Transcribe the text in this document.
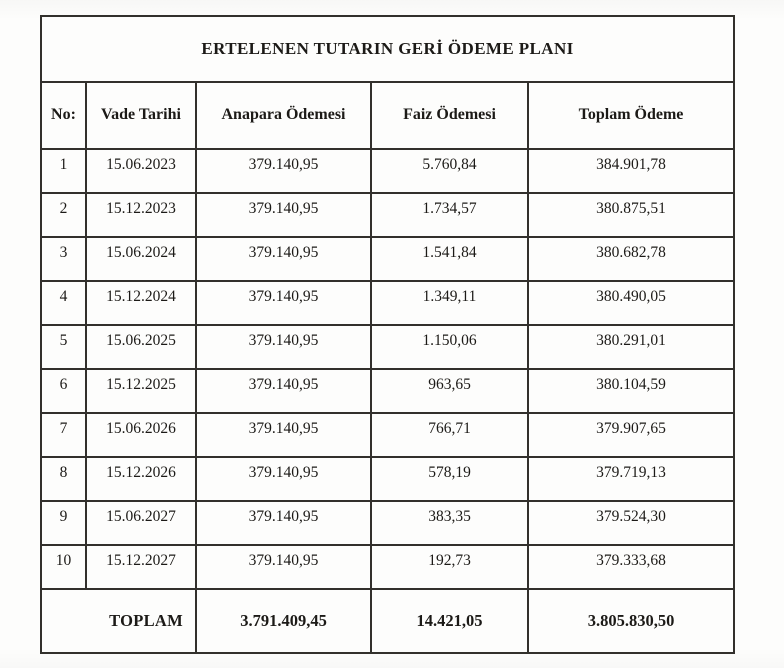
ERTELENEN TUTARIN GERİ ÖDEME PLANI				
No:	Vade Tarihi	Anapara Ödemesi	Faiz Ödemesi	Toplam Ödeme
1	15.06.2023	379.140,95	5.760,84	384.901,78
2	15.12.2023	379.140,95	1.734,57	380.875,51
3	15.06.2024	379.140,95	1.541,84	380.682,78
4	15.12.2024	379.140,95	1.349,11	380.490,05
5	15.06.2025	379.140,95	1.150,06	380.291,01
6	15.12.2025	379.140,95	963,65	380.104,59
7	15.06.2026	379.140,95	766,71	379.907,65
8	15.12.2026	379.140,95	578,19	379.719,13
9	15.06.2027	379.140,95	383,35	379.524,30
10	15.12.2027	379.140,95	192,73	379.333,68
TOPLAM		3.791.409,45	14.421,05	3.805.830,50
